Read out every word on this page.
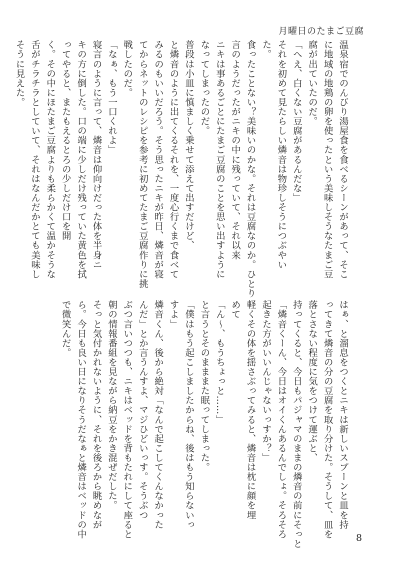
月曜日のたまご豆腐
温泉宿でのんびり湯屋食を食べるシーンがあって、そこ
に地域の地鶏の卵を使ったという美味しそうなたまご豆
腐が出ていたのだ。
「へえ、白くない豆腐があるんだな」
それを初めて見たらしい燐音は物珍しそうにつぶやい
た。
食ったことない？美味いのかな。それは豆腐なのか。ひとり
言のようだったがニキの中に残っていて、それ以来
ニキは事あるごとにたまご豆腐のことを思い出すように
なってしまったのだ。
普段は小皿に慎ましく乗せて添えて出すだけど、
と燐音のように出てくるそれを、一度心行くまで食べて
みるのもいいだろう。そう思ったニキが昨日、燐音が寝
てからネットのレシピを参考に初めてたまご豆腐作りに挑
戦したのだ。
「なぁ、もう一口くれよ」
寝言のように言って、燐音は仰向けだった体を半身ニ
キの方に倒した。口の端に少しだけ残っていた黄色を拭
ってやると、またもえるとろの少しだけ口を開
く。その中にほたまご豆腐よりも柔らかくて温かそうな
舌がチラチラとしていて、それはなんだかとても美味し
そうに見えた。
はぁ、と溜息をつくとニキは新しいスプーンと皿を持
ってきて燐音の分の豆腐を取り分けた。そうして、皿を
落とさない程度に気をつけて運ぶと、
持ってくると、今日もパジャマのままの燐音の前にそっと
「燐音くーん、今日はオイくんあるんでしょ。そろそろ
起きた方がいいんじゃないっすか？」
軽くその体を揺さぶってみると、燐音は枕に顔を埋
めて
「ん～、もうちょっと……」
と言うとそのまままた眠ってしまった。
「僕はもう起こしましたからね、後はもう知らないっ
すよ」
燐音くん、後から絶対「なんで起こしてくんなかった
んだ」とか言うんすよ、マジひどいっす。そうぶつ
ぶつ言いつつも、ニキはベッドを背もたれにして座ると
朝の情報番組を見ながら納豆をかき混ぜだした。
そっと気付かれないように、それを後ろから眺めなが
ら。今日も良い日になりそうだなぁと燐音はベッドの中
で微笑んだ。
8
